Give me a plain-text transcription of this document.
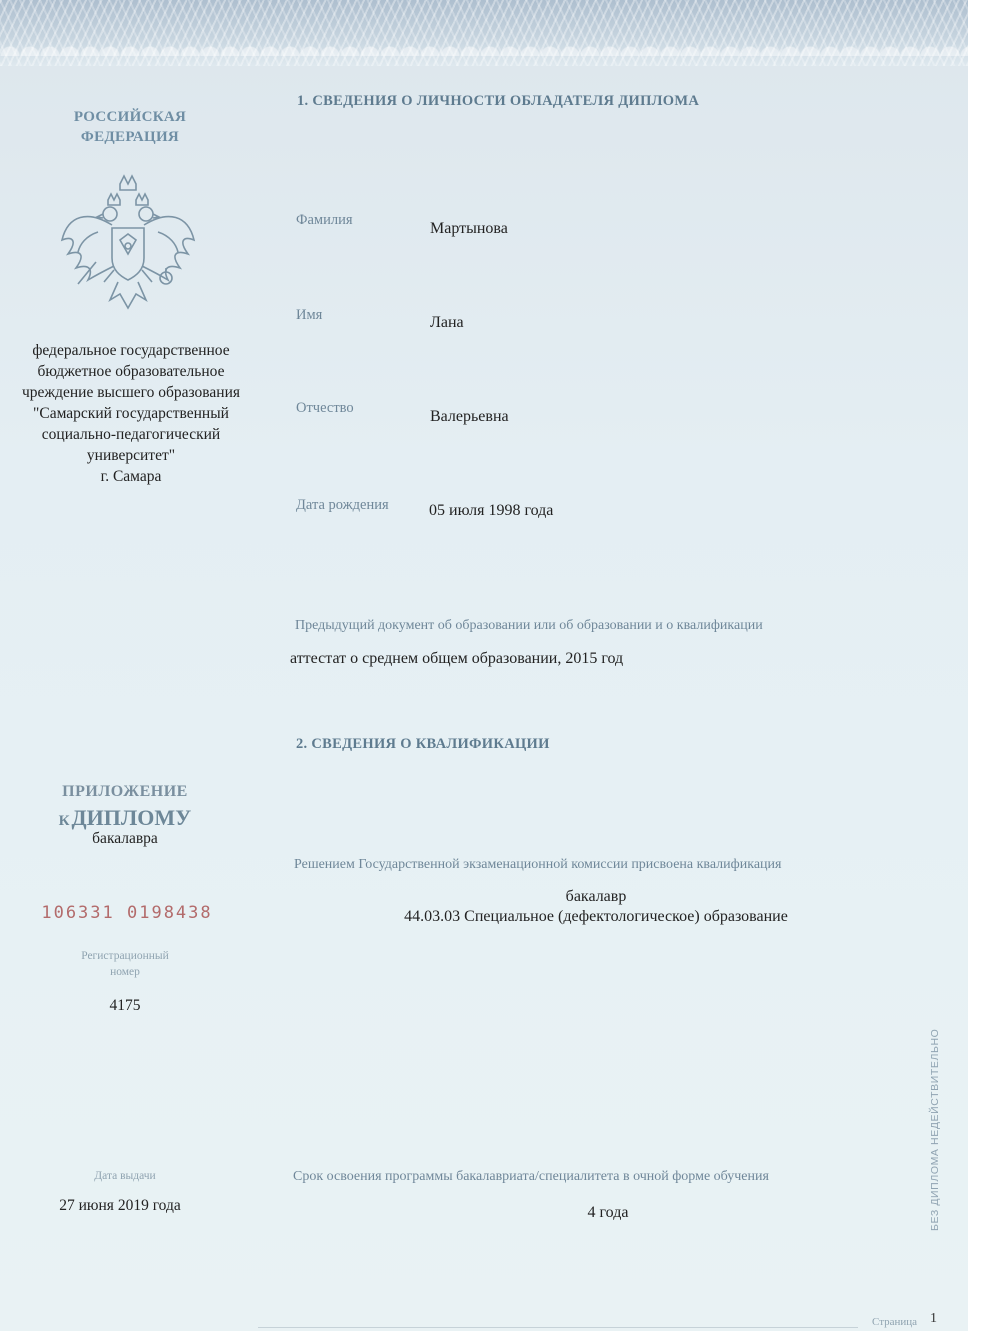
РОССИЙСКАЯ
ФЕДЕРАЦИЯ
федеральное государственное
бюджетное образовательное
чреждение высшего образования
"Самарский государственный
социально-педагогический
университет"
г. Самара
ПРИЛОЖЕНИЕ
КДИПЛОМУ
бакалавра
106331 0198438
Регистрационный
номер
4175
Дата выдачи
27 июня 2019 года
1. СВЕДЕНИЯ О ЛИЧНОСТИ ОБЛАДАТЕЛЯ ДИПЛОМА
Фамилия	Мартынова
Имя	Лана
Отчество	Валерьевна
Дата рождения	05 июля 1998 года
Предыдущий документ об образовании или об образовании и о квалификации
аттестат о среднем общем образовании, 2015 год
2. СВЕДЕНИЯ О КВАЛИФИКАЦИИ
Решением Государственной экзаменационной комиссии присвоена квалификация
бакалавр
44.03.03 Специальное (дефектологическое) образование
Срок освоения программы бакалавриата/специалитета в очной форме обучения
4 года	БЕЗ ДИПЛОМА НЕДЕЙСТВИТЕЛЬНО
Страница 1
